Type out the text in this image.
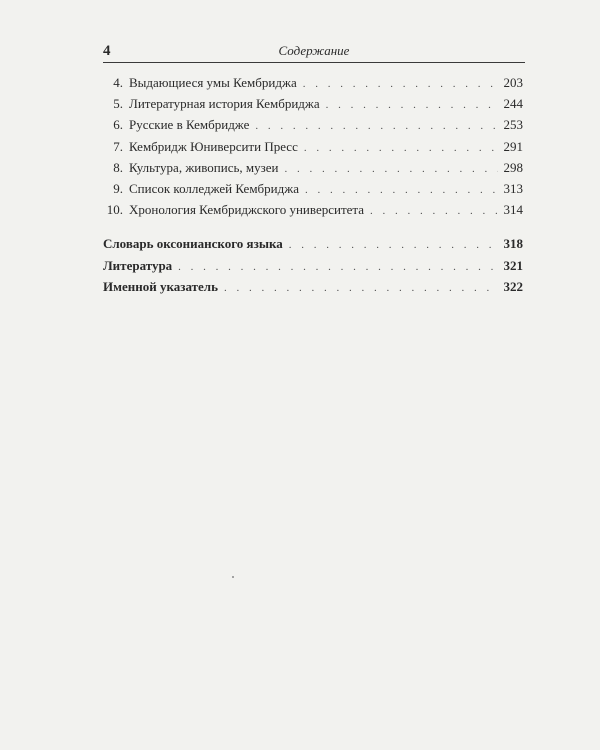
4	Содержание
4. Выдающиеся умы Кембриджа . . .	203
5. Литературная история Кембриджа . . .	244
6. Русские в Кембридже . . .	253
7. Кембридж Юниверсити Пресс . . .	291
8. Культура, живопись, музеи . . .	298
9. Список колледжей Кембриджа . . .	313
10. Хронология Кембриджского университета . . .	314
Словарь оксонианского языка . . .	318
Литература . . .	321
Именной указатель . . .	322
